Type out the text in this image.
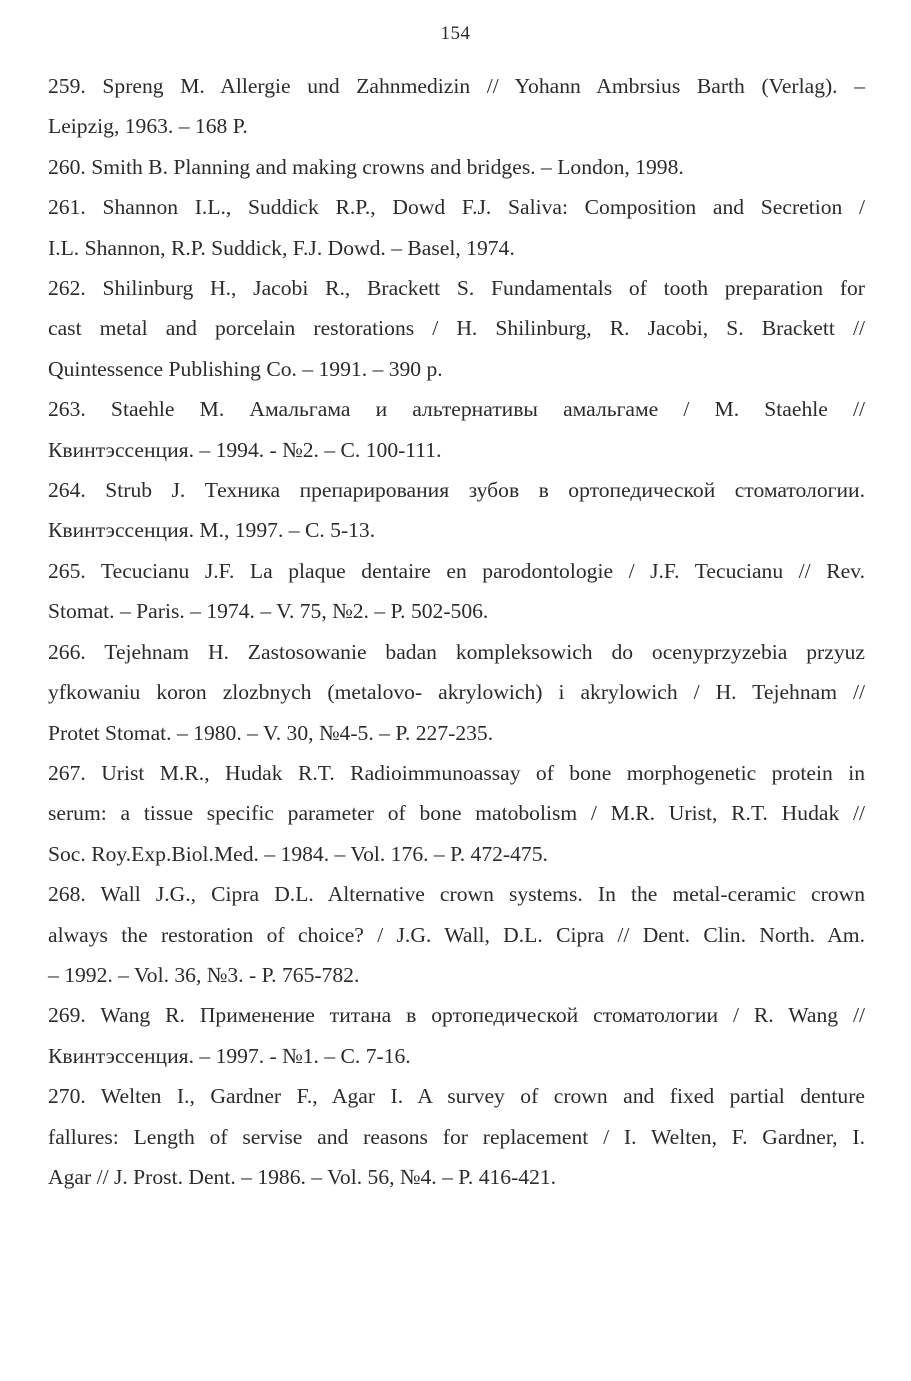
154

259. Spreng M. Allergie und Zahnmedizin // Yohann Ambrsius Barth (Verlag). –
Leipzig, 1963. – 168 P.

260. Smith B. Planning and making crowns and bridges. – London, 1998.

261. Shannon I.L., Suddick R.P., Dowd F.J. Saliva: Composition and Secretion /
I.L. Shannon, R.P. Suddick, F.J. Dowd. – Basel, 1974.

262. Shilinburg H., Jacobi R., Brackett S. Fundamentals of tooth preparation for
cast metal and porcelain restorations / H. Shilinburg, R. Jacobi, S. Brackett //
Quintessence Publishing Co. – 1991. – 390 p.

263. Staehle M. Амальгама и альтернативы амальгаме / M. Staehle //
Квинтэссенция. – 1994. - №2. – С. 100-111.

264. Strub J. Техника препарирования зубов в ортопедической стоматологии.
Квинтэссенция. М., 1997. – С. 5-13.

265. Tecucianu J.F. La plaque dentaire en parodontologie / J.F. Tecucianu // Rev.
Stomat. – Paris. – 1974. – V. 75, №2. – P. 502-506.

266. Tejehnam H. Zastosowanie badan kompleksowich do ocenyprzyzebia przyuz
yfkowaniu koron zlozbnych (metalovo- akrylowich) i akrylowich / H. Tejehnam //
Protet Stomat. – 1980. – V. 30, №4-5. – P. 227-235.

267. Urist M.R., Hudak R.T. Radioimmunoassay of bone morphogenetic protein in
serum: a tissue specific parameter of bone matobolism / M.R. Urist, R.T. Hudak //
Soc. Roy.Exp.Biol.Med. – 1984. – Vol. 176. – P. 472-475.

268. Wall J.G., Cipra D.L. Alternative crown systems. In the metal-ceramic crown
always the restoration of choice? / J.G. Wall, D.L. Cipra // Dent. Clin. North. Am.
– 1992. – Vol. 36, №3. - P. 765-782.

269. Wang R. Применение титана в ортопедической стоматологии / R. Wang //
Квинтэссенция. – 1997. - №1. – С. 7-16.

270. Welten I., Gardner F., Agar I. A survey of crown and fixed partial denture
fallures: Length of servise and reasons for replacement / I. Welten, F. Gardner, I.
Agar // J. Prost. Dent. – 1986. – Vol. 56, №4. – P. 416-421.
